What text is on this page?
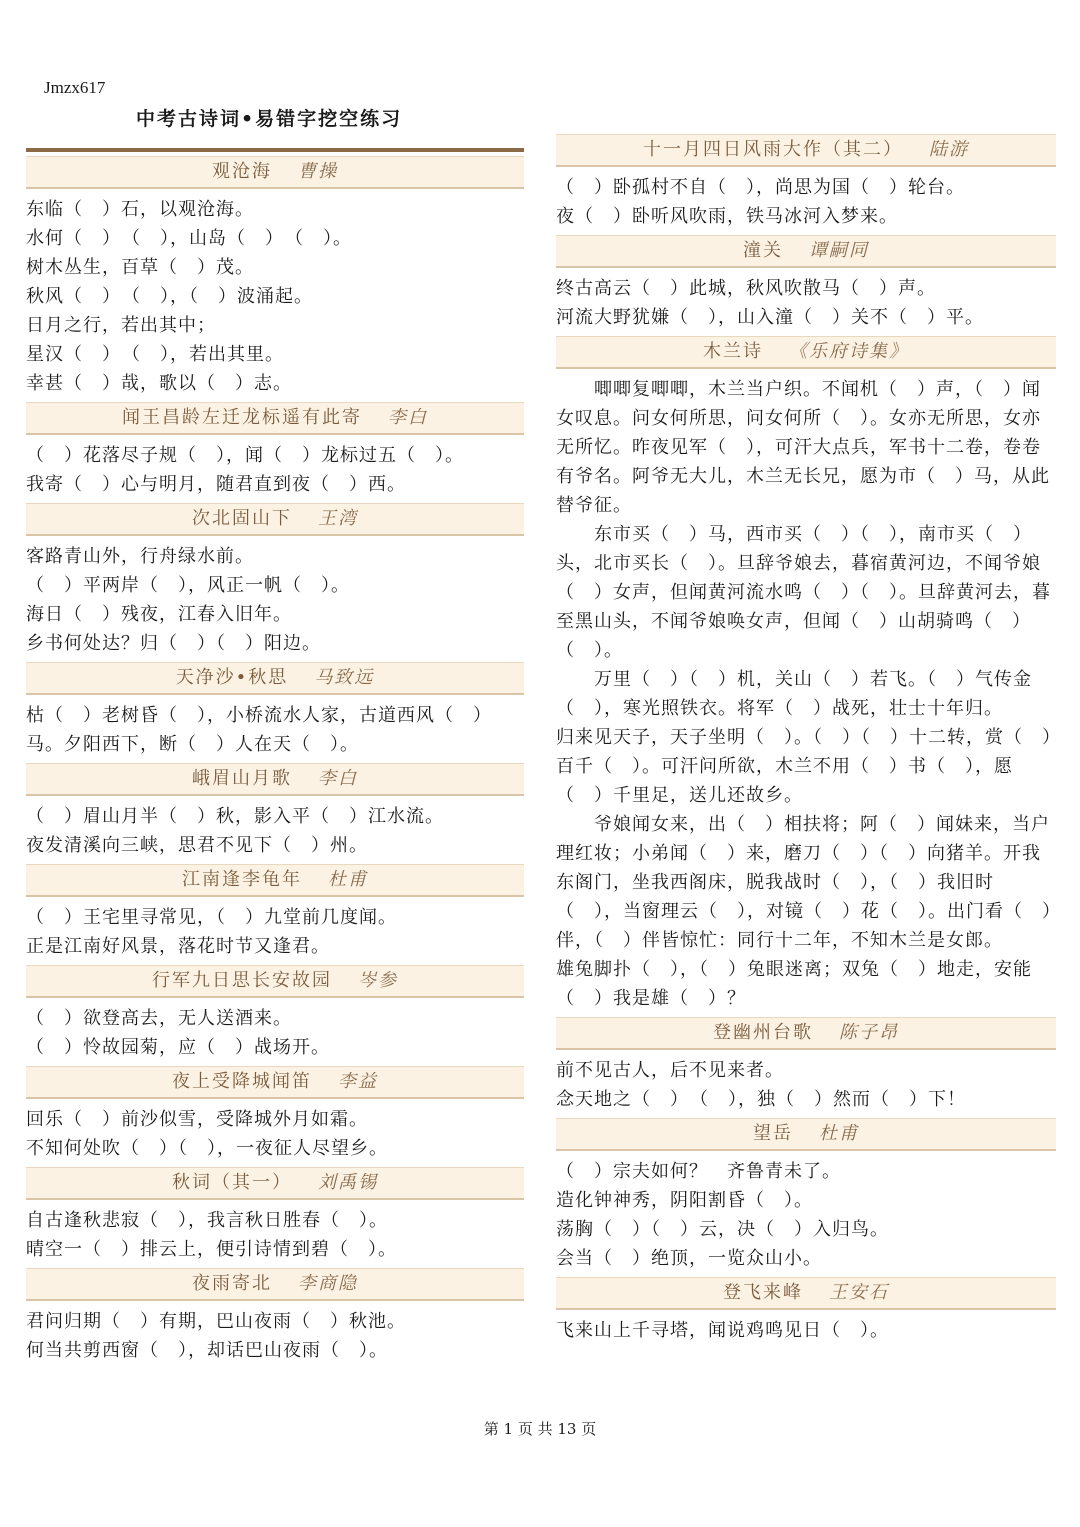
Jmzx617
中考古诗词•易错字挖空练习
观沧海 曹操
东临（　）石，以观沧海。
水何（　）　（　），山岛（　）　（　）。
树木丛生，百草（　）茂。
秋风（　）　（　），（　）波涌起。
日月之行，若出其中；
星汉（　）　（　），若出其里。
幸甚（　）哉，歌以（　）志。
闻王昌龄左迁龙标遥有此寄 李白
（　）花落尽子规（　），闻（　）龙标过五（　）。
我寄（　）心与明月，随君直到夜（　）西。
次北固山下 王湾
客路青山外，行舟绿水前。
（　）平两岸（　），风正一帆（　）。
海日（　）残夜，江春入旧年。
乡书何处达？归（　）（　）阳边。
天净沙•秋思 马致远
枯（　）老树昏（　），小桥流水人家，古道西风（　）马。夕阳西下，断（　）人在天（　）。
峨眉山月歌 李白
（　）眉山月半（　）秋，影入平（　）江水流。
夜发清溪向三峡，思君不见下（　）州。
江南逢李龟年 杜甫
（　）王宅里寻常见，（　）九堂前几度闻。
正是江南好风景，落花时节又逢君。
行军九日思长安故园 岑参
（　）欲登高去，无人送酒来。
（　）怜故园菊，应（　）战场开。
夜上受降城闻笛 李益
回乐（　）前沙似雪，受降城外月如霜。
不知何处吹（　）（　），一夜征人尽望乡。
秋词（其一） 刘禹锡
自古逢秋悲寂（　），我言秋日胜春（　）。
晴空一（　）排云上，便引诗情到碧（　）。
夜雨寄北 李商隐
君问归期（　）有期，巴山夜雨（　）秋池。
何当共剪西窗（　），却话巴山夜雨（　）。
十一月四日风雨大作（其二） 陆游
（　）卧孤村不自（　），尚思为国（　）轮台。
夜（　）卧听风吹雨，铁马冰河入梦来。
潼关 谭嗣同
终古高云（　）此城，秋风吹散马（　）声。
河流大野犹嫌（　），山入潼（　）关不（　）平。
木兰诗 《乐府诗集》
　　唧唧复唧唧，木兰当户织。不闻机（　）声，（　）闻女叹息。问女何所思，问女何所（　）。女亦无所思，女亦无所忆。昨夜见军（　），可汗大点兵，军书十二卷，卷卷有爷名。阿爷无大儿，木兰无长兄，愿为市（　）马，从此替爷征。
　　东市买（　）马，西市买（　）（　），南市买（　）头，北市买长（　）。旦辞爷娘去，暮宿黄河边，不闻爷娘（　）女声，但闻黄河流水鸣（　）（　）。旦辞黄河去，暮至黑山头，不闻爷娘唤女声，但闻（　）山胡骑鸣（　）（　）。
　　万里（　）（　）机，关山（　）若飞。（　）气传金（　），寒光照铁衣。将军（　）战死，壮士十年归。
归来见天子，天子坐明（　）。（　）（　）十二转，赏（　）百千（　）。可汗问所欲，木兰不用（　）书（　），愿（　）千里足，送儿还故乡。
　　爷娘闻女来，出（　）相扶将；阿（　）闻妹来，当户理红妆；小弟闻（　）来，磨刀（　）（　）向猪羊。开我东阁门，坐我西阁床，脱我战时（　），（　）我旧时（　），当窗理云（　），对镜（　）花（　）。出门看（　）伴，（　）伴皆惊忙：同行十二年，不知木兰是女郎。
雄兔脚扑（　），（　）兔眼迷离；双兔（　）地走，安能（　）我是雄（　）？
登幽州台歌 陈子昂
前不见古人，后不见来者。
念天地之（　）　（　），独（　）然而（　）下！
望岳 杜甫
（　）宗夫如何？　齐鲁青未了。
造化钟神秀，阴阳割昏（　）。
荡胸（　）（　）云，决（　）入归鸟。
会当（　）绝顶，一览众山小。
登飞来峰 王安石
飞来山上千寻塔，闻说鸡鸣见日（　）。
第 1 页 共 13 页
